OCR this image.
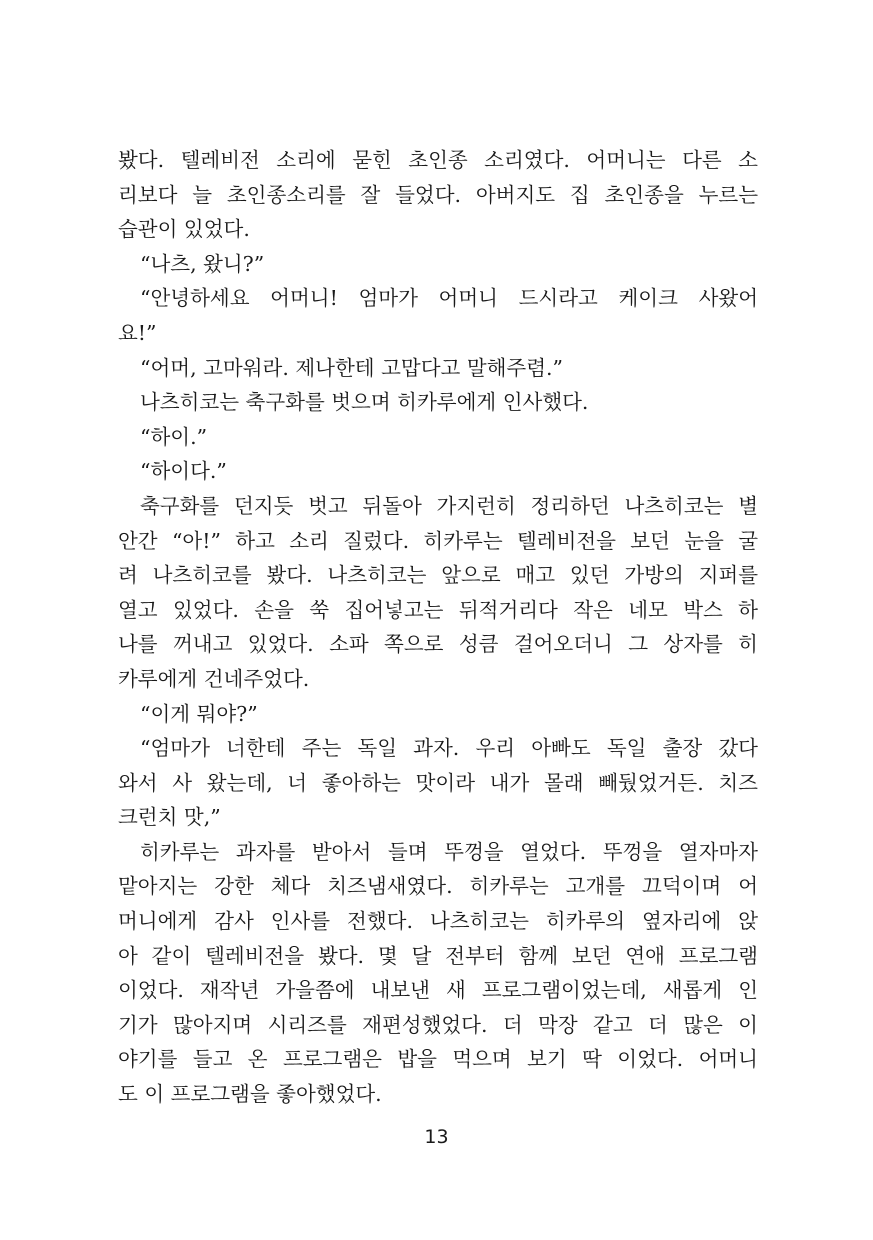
봤다. 텔레비전 소리에 묻힌 초인종 소리였다. 어머니는 다른 소
리보다 늘 초인종소리를 잘 들었다. 아버지도 집 초인종을 누르는
습관이 있었다.
“나츠, 왔니?”
“안녕하세요 어머니! 엄마가 어머니 드시라고 케이크 사왔어
요!”
“어머, 고마워라. 제나한테 고맙다고 말해주렴.”
나츠히코는 축구화를 벗으며 히카루에게 인사했다.
“하이.”
“하이다.”
축구화를 던지듯 벗고 뒤돌아 가지런히 정리하던 나츠히코는 별
안간 “아!” 하고 소리 질렀다. 히카루는 텔레비전을 보던 눈을 굴
려 나츠히코를 봤다. 나츠히코는 앞으로 매고 있던 가방의 지퍼를
열고 있었다. 손을 쑥 집어넣고는 뒤적거리다 작은 네모 박스 하
나를 꺼내고 있었다. 소파 쪽으로 성큼 걸어오더니 그 상자를 히
카루에게 건네주었다.
“이게 뭐야?”
“엄마가 너한테 주는 독일 과자. 우리 아빠도 독일 출장 갔다
와서 사 왔는데, 너 좋아하는 맛이라 내가 몰래 빼뒀었거든. 치즈
크런치 맛,”
히카루는 과자를 받아서 들며 뚜껑을 열었다. 뚜껑을 열자마자
맡아지는 강한 체다 치즈냄새였다. 히카루는 고개를 끄덕이며 어
머니에게 감사 인사를 전했다. 나츠히코는 히카루의 옆자리에 앉
아 같이 텔레비전을 봤다. 몇 달 전부터 함께 보던 연애 프로그램
이었다. 재작년 가을쯤에 내보낸 새 프로그램이었는데, 새롭게 인
기가 많아지며 시리즈를 재편성했었다. 더 막장 같고 더 많은 이
야기를 들고 온 프로그램은 밥을 먹으며 보기 딱 이었다. 어머니
도 이 프로그램을 좋아했었다.
13
